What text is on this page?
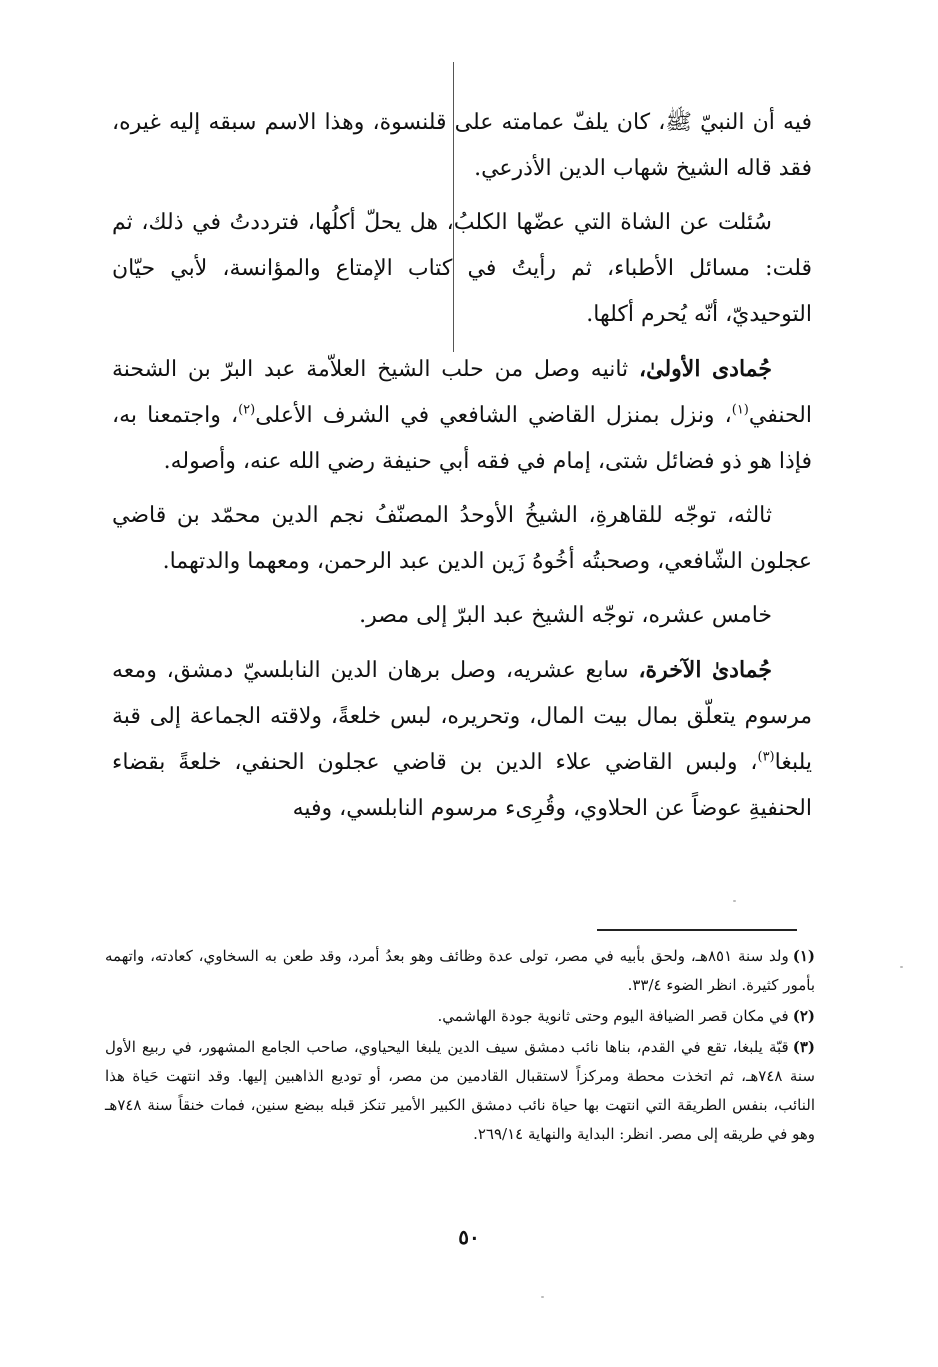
فيه أن النبيّ ﷺ، كان يلفّ عمامته على قلنسوة، وهذا الاسم سبقه إليه غيره، فقد قاله الشيخ شهاب الدين الأذرعي.

سُئلت عن الشاة التي عضّها الكلبُ، هل يحلّ أكلُها، فترددتُ في ذلك، ثم قلت: مسائل الأطباء، ثم رأيتُ في كتاب الإمتاع والمؤانسة، لأبي حيّان التوحيديّ، أنّه يُحرم أكلها.

جُمادى الأولىٰ، ثانيه وصل من حلب الشيخ العلاّمة عبد البرّ بن الشحنة الحنفي$^{(١)}$، ونزل بمنزل القاضي الشافعي في الشرف الأعلى$^{(٢)}$، واجتمعنا به، فإذا هو ذو فضائل شتى، إمام في فقه أبي حنيفة رضي الله عنه، وأصوله.

ثالثه، توجّه للقاهرةِ، الشيخُ الأوحدُ المصنّفُ نجم الدين محمّد بن قاضي عجلون الشّافعي، وصحبتُه أخُوهُ زَين الدين عبد الرحمن، ومعهما والدتهما.

خامس عشره، توجّه الشيخ عبد البرّ إلى مصر.

جُمادىٰ الآخرة، سابع عشريه، وصل برهان الدين النابلسيّ دمشق، ومعه مرسوم يتعلّق بمال بيت المال، وتحريره، لبس خلعةً، ولاقته الجماعة إلى قبة يلبغا$^{(٣)}$، ولبس القاضي علاء الدين بن قاضي عجلون الحنفي، خلعةً بقضاء الحنفيةِ عوضاً عن الحلاوي، وقُرِىء مرسوم النابلسي، وفيه

(١)ولد سنة ٨٥١هـ، ولحق بأبيه في مصر، تولى عدة وظائف وهو بعدُ أمرد، وقد طعن به السخاوي، كعادته، واتهمه بأمور كثيرة. انظر الضوء ٣٣/٤.

(٢)في مكان قصر الضيافة اليوم وحتى ثانوية جودة الهاشمي.

(٣)قبّة يلبغا، تقع في القدم، بناها نائب دمشق سيف الدين يلبغا اليحياوي، صاحب الجامع المشهور، في ربيع الأول سنة ٧٤٨هـ، ثم اتخذت محطة ومركزاً لاستقبال القادمين من مصر، أو توديع الذاهبين إليها. وقد انتهت حَياة هذا النائب، بنفس الطريقة التي انتهت بها حياة نائب دمشق الكبير الأمير تنكز قبله ببضع سنين، فمات خنقاً سنة ٧٤٨هـ وهو في طريقه إلى مصر. انظر: البداية والنهاية ٢٦٩/١٤.

٥٠
